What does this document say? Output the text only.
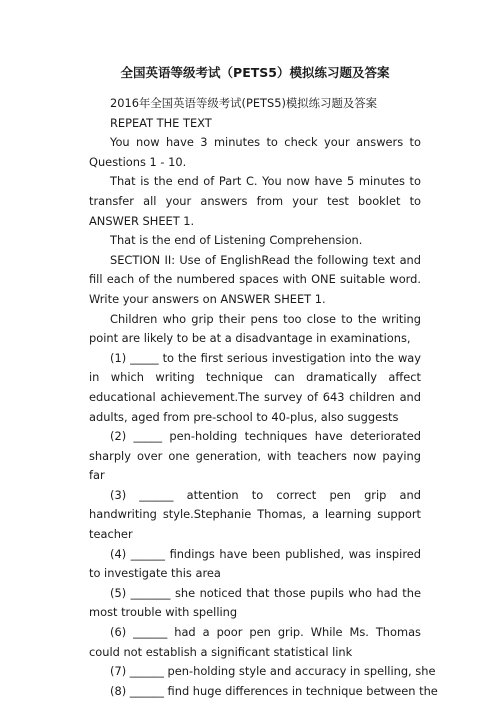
全国英语等级考试（PETS5）模拟练习题及答案

2016年全国英语等级考试(PETS5)模拟练习题及答案

REPEAT THE TEXT

You now have 3 minutes to check your answers to Questions 1 - 10.

That is the end of Part C. You now have 5 minutes to transfer all your answers from your test booklet to ANSWER SHEET 1.

That is the end of Listening Comprehension.

SECTION II: Use of EnglishRead the following text and fill each of the numbered spaces with ONE suitable word. Write your answers on ANSWER SHEET 1.

Children who grip their pens too close to the writing point are likely to be at a disadvantage in examinations,

(1) _____ to the first serious investigation into the way in which writing technique can dramatically affect educational achievement.The survey of 643 children and adults, aged from pre-school to 40-plus, also suggests

(2) _____ pen-holding techniques have deteriorated sharply over one generation, with teachers now paying far

(3) ______ attention to correct pen grip and handwriting style.Stephanie Thomas, a learning support teacher

(4) ______ findings have been published, was inspired to investigate this area

(5) _______ she noticed that those pupils who had the most trouble with spelling

(6) ______ had a poor pen grip. While Ms. Thomas could not establish a significant statistical link

(7) ______ pen-holding style and accuracy in spelling, she

(8) ______ find huge differences in technique between the
